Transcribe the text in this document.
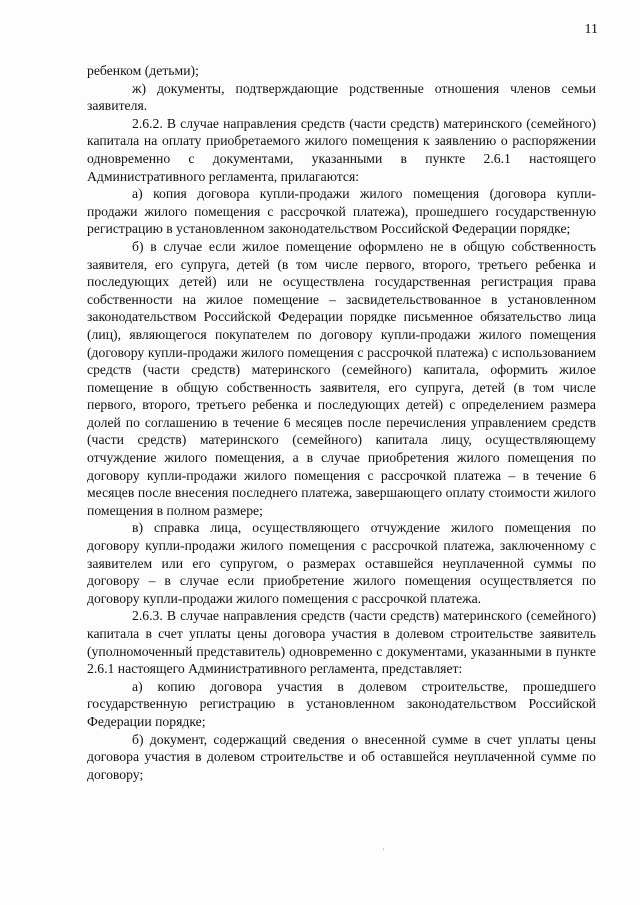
11

ребенком (детьми);

ж) документы, подтверждающие родственные отношения членов семьи заявителя.

2.6.2. В случае направления средств (части средств) материнского (семейного) капитала на оплату приобретаемого жилого помещения к заявлению о распоряжении одновременно с документами, указанными в пункте 2.6.1 настоящего Административного регламента, прилагаются:

а) копия договора купли-продажи жилого помещения (договора купли-продажи жилого помещения с рассрочкой платежа), прошедшего государственную регистрацию в установленном законодательством Российской Федерации порядке;

б) в случае если жилое помещение оформлено не в общую собственность заявителя, его супруга, детей (в том числе первого, второго, третьего ребенка и последующих детей) или не осуществлена государственная регистрация права собственности на жилое помещение – засвидетельствованное в установленном законодательством Российской Федерации порядке письменное обязательство лица (лиц), являющегося покупателем по договору купли-продажи жилого помещения (договору купли-продажи жилого помещения с рассрочкой платежа) с использованием средств (части средств) материнского (семейного) капитала, оформить жилое помещение в общую собственность заявителя, его супруга, детей (в том числе первого, второго, третьего ребенка и последующих детей) с определением размера долей по соглашению в течение 6 месяцев после перечисления управлением средств (части средств) материнского (семейного) капитала лицу, осуществляющему отчуждение жилого помещения, а в случае приобретения жилого помещения по договору купли-продажи жилого помещения с рассрочкой платежа – в течение 6 месяцев после внесения последнего платежа, завершающего оплату стоимости жилого помещения в полном размере;

в) справка лица, осуществляющего отчуждение жилого помещения по договору купли-продажи жилого помещения с рассрочкой платежа, заключенному с заявителем или его супругом, о размерах оставшейся неуплаченной суммы по договору – в случае если приобретение жилого помещения осуществляется по договору купли-продажи жилого помещения с рассрочкой платежа.

2.6.3. В случае направления средств (части средств) материнского (семейного) капитала в счет уплаты цены договора участия в долевом строительстве заявитель (уполномоченный представитель) одновременно с документами, указанными в пункте 2.6.1 настоящего Административного регламента, представляет:

а) копию договора участия в долевом строительстве, прошедшего государственную регистрацию в установленном законодательством Российской Федерации порядке;

б) документ, содержащий сведения о внесенной сумме в счет уплаты цены договора участия в долевом строительстве и об оставшейся неуплаченной сумме по договору;

˙
